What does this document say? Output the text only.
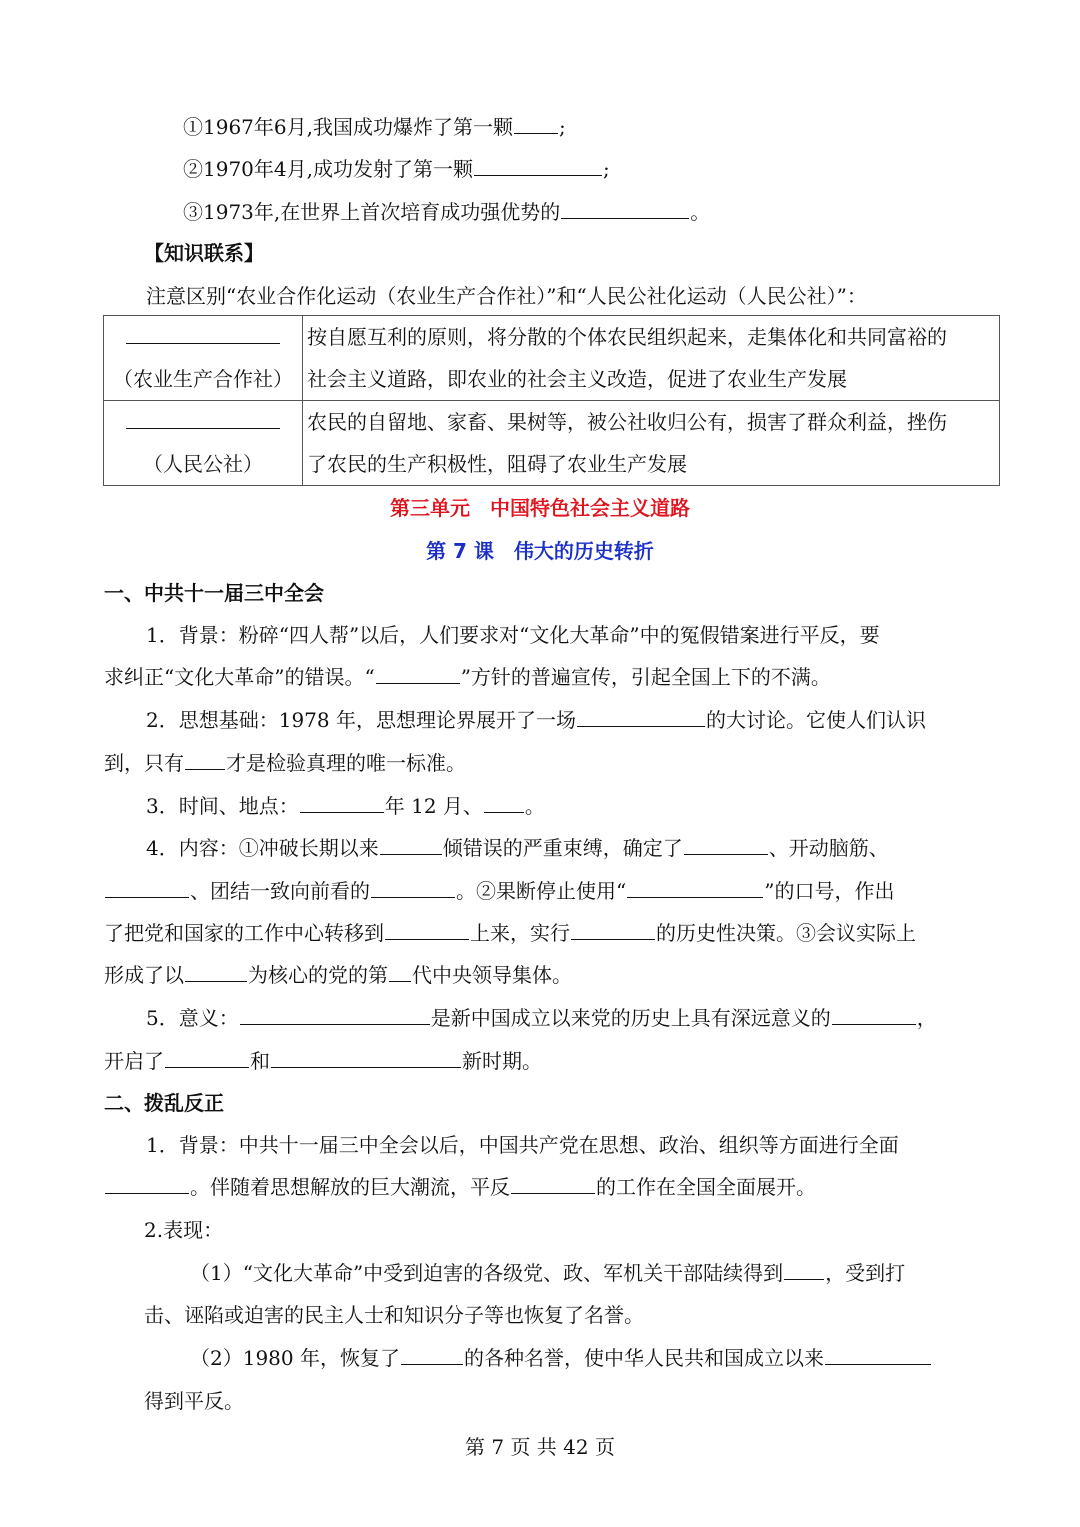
①1967年6月,我国成功爆炸了第一颗 ;
②1970年4月,成功发射了第一颗	;
③1973年,在世界上首次培育成功强优势的	。
【知识联系】
注意区别“农业合作化运动（农业生产合作社）”和“人民公社化运动（人民公社）”：
（农业生产合作社）	按自愿互利的原则，将分散的个体农民组织起来，走集体化和共同富裕的
社会主义道路，即农业的社会主义改造，促进了农业生产发展

（人民公社）	农民的自留地、家畜、果树等，被公社收归公有，损害了群众利益，挫伤
了农民的生产积极性，阻碍了农业生产发展
第三单元　中国特色社会主义道路
第 7 课　伟大的历史转折
一、中共十一届三中全会
1．背景：粉碎“四人帮”以后，人们要求对“文化大革命”中的冤假错案进行平反，要
求纠正“文化大革命”的错误。“	”方针的普遍宣传，引起全国上下的不满。
2．思想基础：1978 年，思想理论界展开了一场	的大讨论。它使人们认识
到，只有 才是检验真理的唯一标准。
3．时间、地点：	年 12 月、 。
4．内容：①冲破长期以来	倾错误的严重束缚，确定了	、开动脑筋、
、团结一致向前看的	。②果断停止使用“	”的口号，作出
了把党和国家的工作中心转移到	上来，实行	的历史性决策。③会议实际上
形成了以	为核心的党的第 代中央领导集体。
5．意义：	是新中国成立以来党的历史上具有深远意义的	，
开启了	和	新时期。
二、拨乱反正
1．背景：中共十一届三中全会以后，中国共产党在思想、政治、组织等方面进行全面
。伴随着思想解放的巨大潮流，平反	的工作在全国全面展开。
2.表现：
（1）“文化大革命”中受到迫害的各级党、政、军机关干部陆续得到 ，受到打
击、诬陷或迫害的民主人士和知识分子等也恢复了名誉。
（2）1980 年，恢复了	的各种名誉，使中华人民共和国成立以来
得到平反。
第 7 页 共 42 页
